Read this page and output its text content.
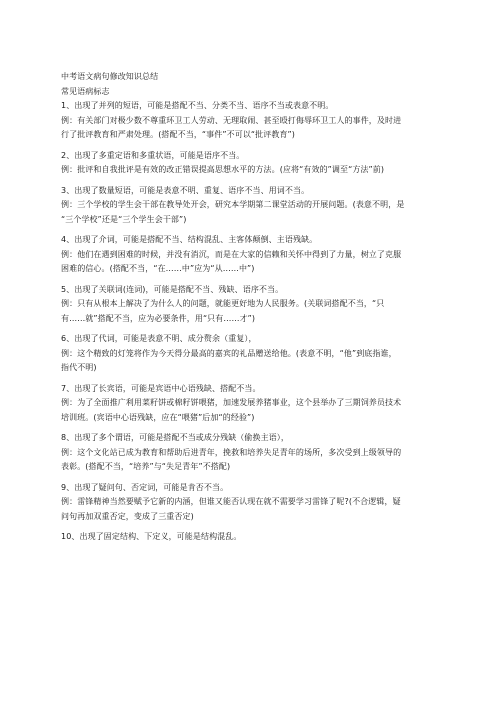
中考语文病句修改知识总结
常见语病标志
1、出现了并列的短语，可能是搭配不当、分类不当、语序不当或表意不明。
例：有关部门对极少数不尊重环卫工人劳动、无理取闹、甚至殴打侮辱环卫工人的事件，及时进
行了批评教育和严肃处理。(搭配不当，“事件”不可以“批评教育”)
2、出现了多重定语和多重状语，可能是语序不当。
例：批评和自我批评是有效的改正错误提高思想水平的方法。(应将“有效的”调至“方法”前)
3、出现了数量短语，可能是表意不明、重复、语序不当、用词不当。
例：三个学校的学生会干部在教导处开会，研究本学期第二课堂活动的开展问题。(表意不明，是
“三个学校”还是“三个学生会干部”)
4、出现了介词，可能是搭配不当、结构混乱、主客体颠倒、主语残缺。
例：他们在遇到困难的时候，并没有消沉，而是在大家的信赖和关怀中得到了力量，树立了克服
困难的信心。(搭配不当，“在……中”应为“从……中”)
5、出现了关联词(连词)，可能是搭配不当、残缺、语序不当。
例：只有从根本上解决了为什么人的问题，就能更好地为人民服务。(关联词搭配不当，“只
有……就”搭配不当，应为必要条件，用“只有……才”)
6、出现了代词，可能是表意不明、成分赘余（重复），
例：这个精致的灯笼将作为今天得分最高的嘉宾的礼品赠送给他。(表意不明，“他”到底指谁，
指代不明)
7、出现了长宾语，可能是宾语中心语残缺、搭配不当。
例：为了全面推广利用菜籽饼或棉籽饼喂猪，加速发展养猪事业，这个县举办了三期饲养员技术
培训班。(宾语中心语残缺，应在“喂猪”后加“的经验”)
8、出现了多个谓语，可能是搭配不当或成分残缺（偷换主语），
例：这个文化站已成为教育和帮助后进青年，挽救和培养失足青年的场所，多次受到上级领导的
表彰。(搭配不当，“培养”与“失足青年”不搭配)
9、出现了疑问句、否定词，可能是肯否不当。
例：雷锋精神当然要赋予它新的内涵，但谁又能否认现在就不需要学习雷锋了呢?(不合逻辑，疑
问句再加双重否定，变成了三重否定)
10、出现了固定结构、下定义，可能是结构混乱。
